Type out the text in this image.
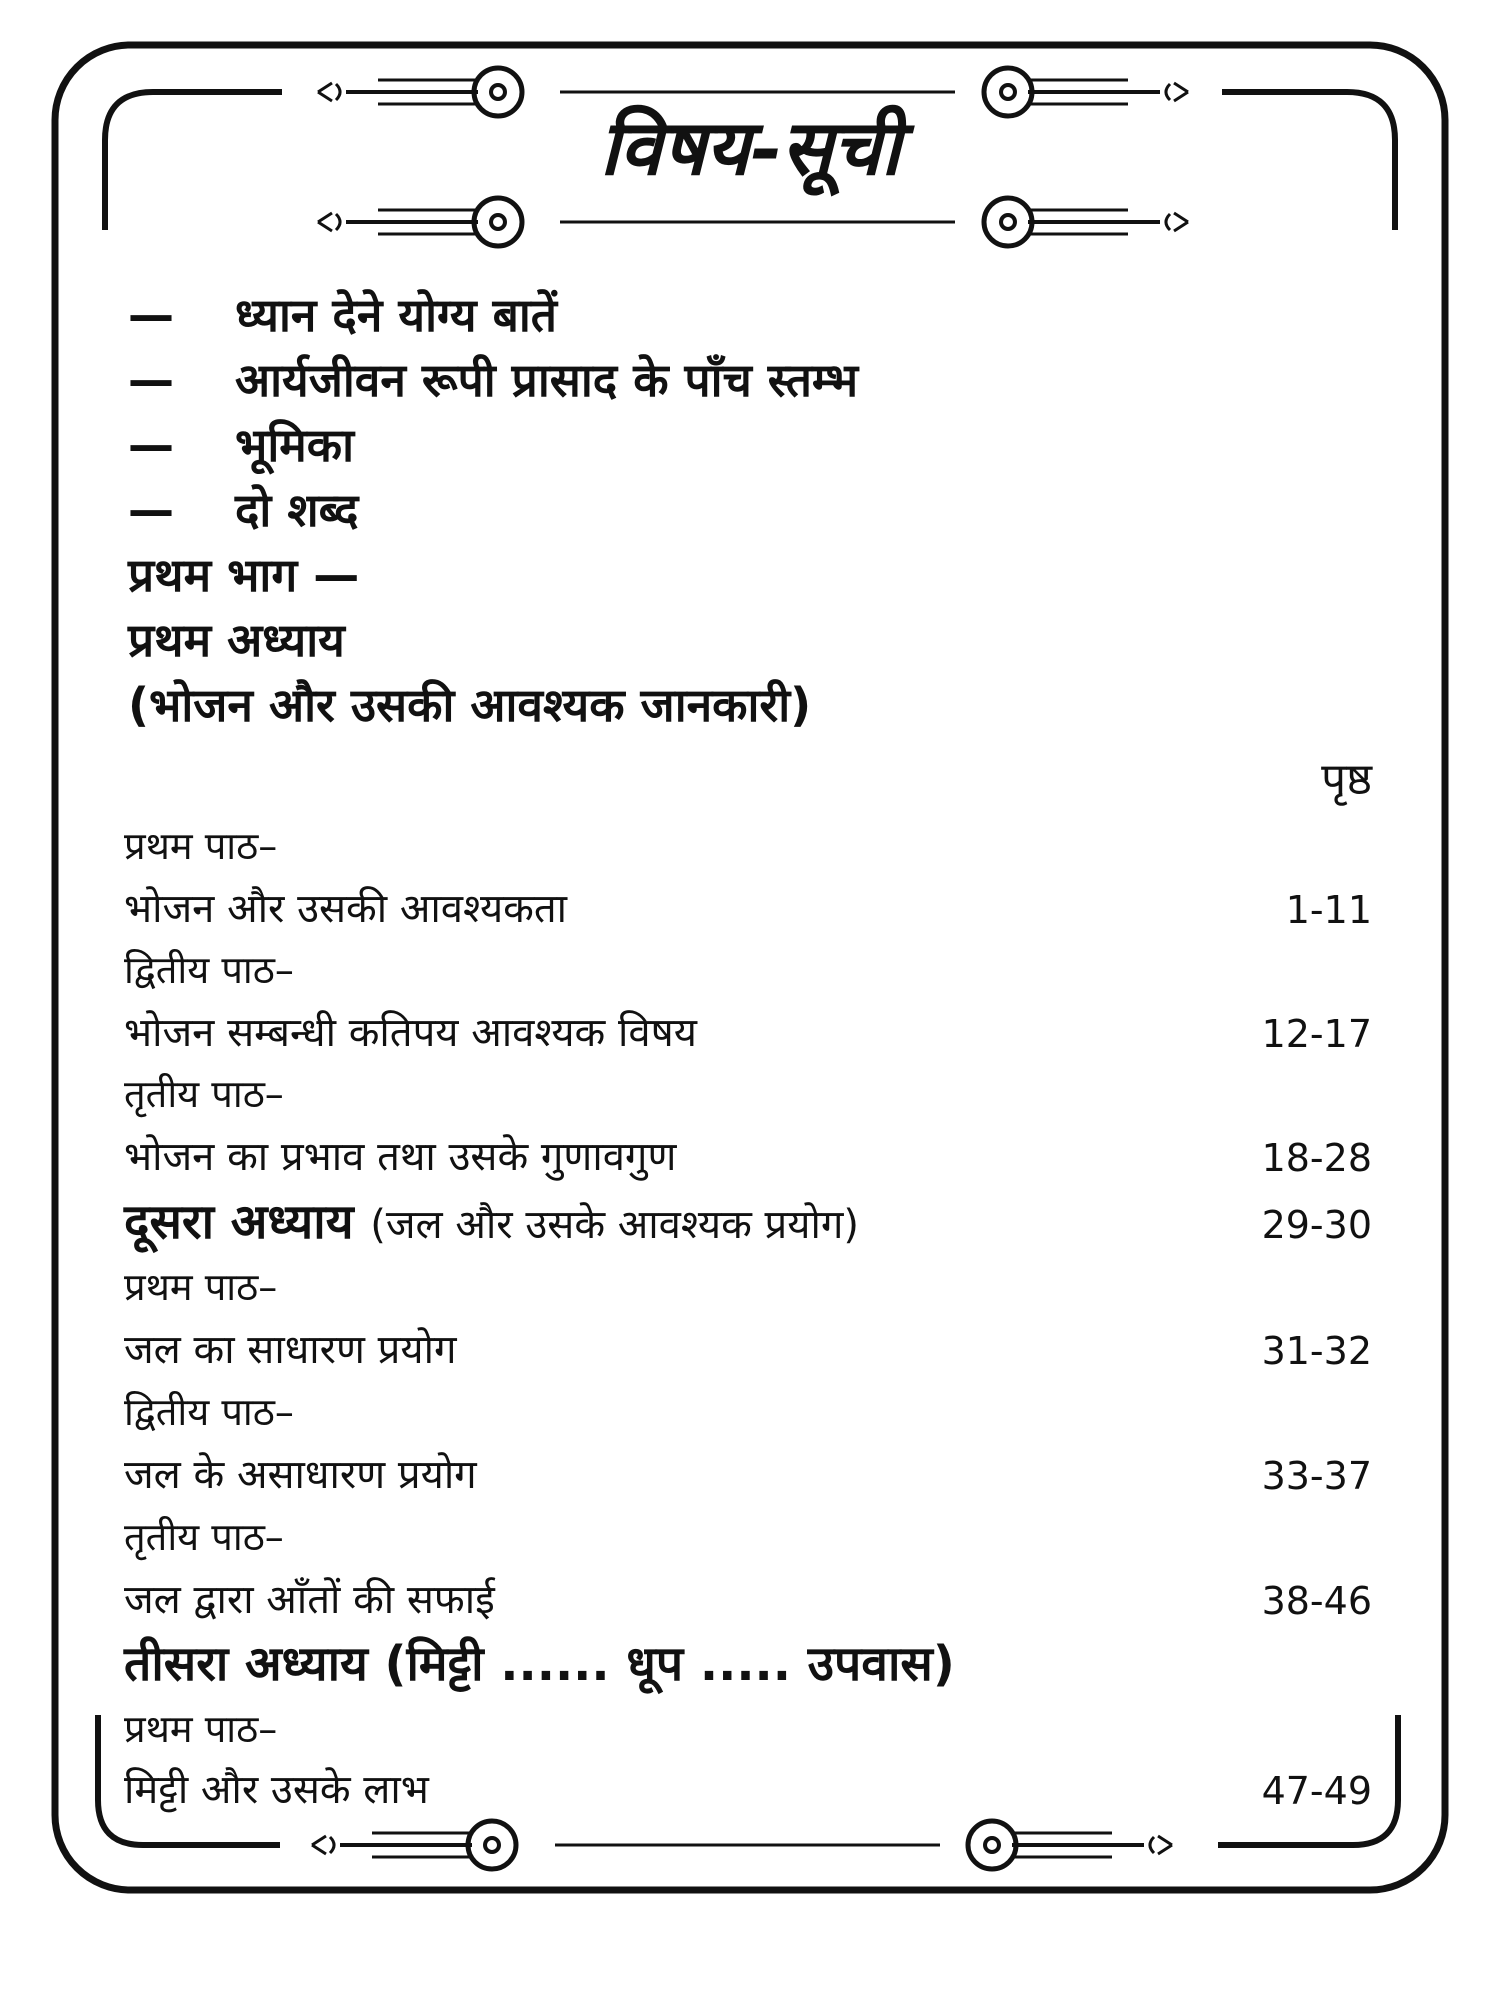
विषय-सूची
— ध्यान देने योग्य बातें
— आर्यजीवन रूपी प्रासाद के पाँच स्तम्भ
— भूमिका
— दो शब्द
प्रथम भाग —
प्रथम अध्याय
(भोजन और उसकी आवश्यक जानकारी)
पृष्ठ
प्रथम पाठ–
भोजन और उसकी आवश्यकता	1-11
द्वितीय पाठ–
भोजन सम्बन्धी कतिपय आवश्यक विषय	12-17
तृतीय पाठ–
भोजन का प्रभाव तथा उसके गुणावगुण	18-28
दूसरा अध्याय (जल और उसके आवश्यक प्रयोग)	29-30
प्रथम पाठ–
जल का साधारण प्रयोग	31-32
द्वितीय पाठ–
जल के असाधारण प्रयोग	33-37
तृतीय पाठ–
जल द्वारा आँतों की सफाई	38-46
तीसरा अध्याय (मिट्टी ...... धूप ..... उपवास)
प्रथम पाठ–
मिट्टी और उसके लाभ	47-49
